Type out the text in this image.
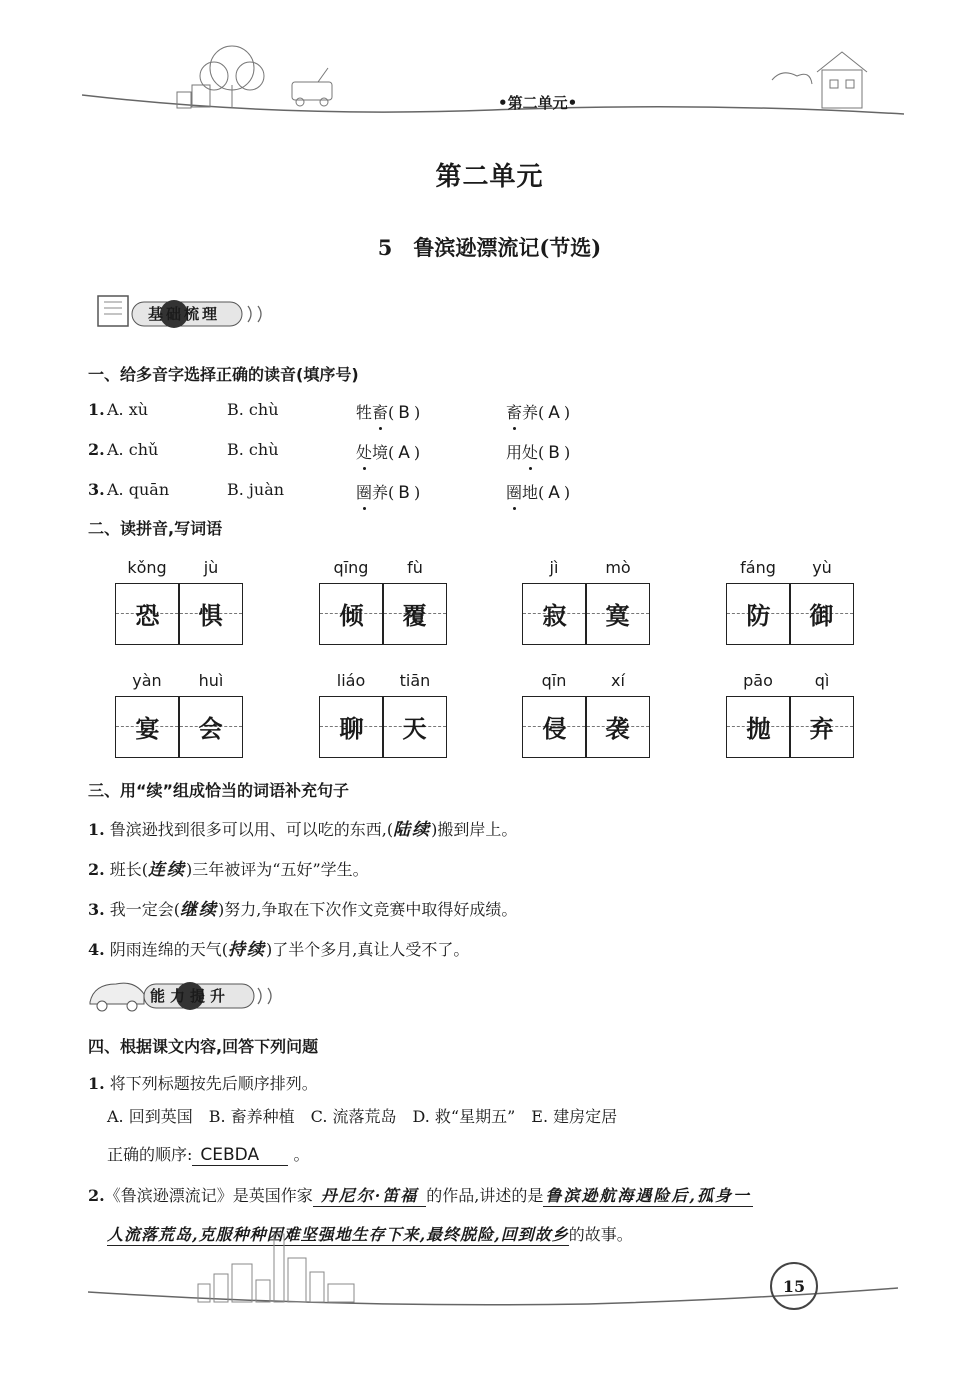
•第二单元•
第二单元
5　鲁滨逊漂流记(节选)
基础梳理
一、给多音字选择正确的读音(填序号)
1. A. xù	B. chù	牲畜( B )	畜养( A )
2. A. chǔ	B. chù	处境( A )	用处( B )
3. A. quān	B. juàn	圈养( B )	圈地( A )
二、读拼音,写词语
kǒng	jù
恐	惧
qīng	fù
倾	覆
jì	mò
寂	寞
fáng	yù
防	御
yàn	huì
宴	会
liáo	tiān
聊	天
qīn	xí
侵	袭
pāo	qì
抛	弃
三、用“续”组成恰当的词语补充句子
1. 鲁滨逊找到很多可以用、可以吃的东西,(陆续)搬到岸上。
2. 班长(连续)三年被评为“五好”学生。
3. 我一定会(继续)努力,争取在下次作文竞赛中取得好成绩。
4. 阴雨连绵的天气(持续)了半个多月,真让人受不了。
能力提升
四、根据课文内容,回答下列问题
1. 将下列标题按先后顺序排列。
A. 回到英国　B. 畜养种植　C. 流落荒岛　D. 救“星期五”　E. 建房定居
正确的顺序: CEBDA 。
2.《鲁滨逊漂流记》是英国作家 丹尼尔·笛福 的作品,讲述的是 鲁滨逊航海遇险后,孤身一
人流落荒岛,克服种种困难坚强地生存下来,最终脱险,回到故乡的故事。
15
